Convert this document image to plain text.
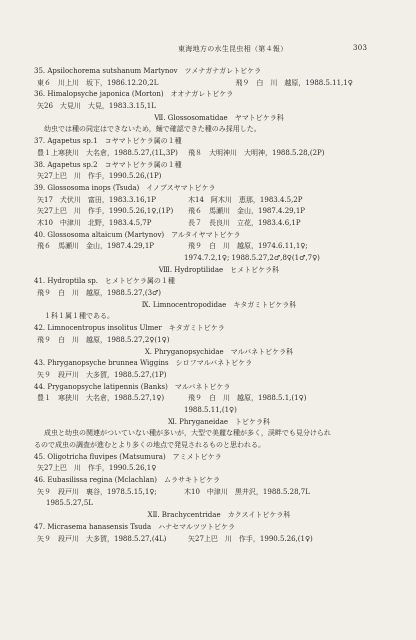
東海地方の水生昆虫相（第４報）	303
35. Apsilochorema sutshanum Martynov　ツメナガナガレトビケラ
東６　川上川　坂下，1986.12.20,2L　　　　　　　　　　　飛９　白　川　越原，1988.5.11,1♀
36. Himalopsyche japonica (Morton)　オオナガレトビケラ
矢26　大見川　大見，1983.3.15,1L
Ⅶ. Glossosomatidae　ヤマトビケラ科
幼虫では種の同定はできないため，蛹で確認できた種のみ採用した。
37. Agapetus sp.1　コヤマトビケラ属の１種
豊１上寒狭川　大名倉，1988.5.27,(1L,3P) 飛８　大明神川　大明神，1988.5.28,(2P)
38. Agapetus sp.2　コヤマトビケラ属の１種
矢27上巴　川　作手，1990.5.26,(1P)
39. Glossosoma inops (Tsuda)　イノブスヤマトビケラ
矢17　犬伏川　富田，1983.3.16,1P	木14　阿木川　恵那，1983.4.5,2P
矢27上巴　川　作手，1990.5.26,1♀,(1P) 飛６　馬瀬川　金山，1987.4.29,1P
木10　中津川　北野，1983.4.5,7P	長７　長良川　立花，1983.4.6,1P
40. Glossosoma altaicum (Martynov)　アルタイヤマトビケラ
飛６　馬瀬川　金山，1987.4.29,1P	飛９　白　川　越原，1974.6.11,1♀;
1974.7.2,1♀; 1988.5.27,2♂,8♀(1♂,7♀)
Ⅷ. Hydroptilidae　ヒメトビケラ科
41. Hydroptila sp.　ヒメトビケラ属の１種
飛９　白　川　越原，1988.5.27,(3♂)
Ⅸ. Limnocentropodidae　キタガミトビケラ科
１科１属１種である。
42. Limnocentropus insolitus Ulmer　キタガミトビケラ
飛９　白　川　越原，1988.5.27,2♀(1♀)
Ⅹ. Phryganopsychidae　マルバネトビケラ科
43. Phryganopsyche brunnea Wiggins　シロフマルバネトビケラ
矢９　段戸川　大多賀，1988.5.27,(1P)
44. Pryganopsyche latipennis (Banks)　マルバネトビケラ
豊１　寒狭川　大名倉，1988.5.27,1♀)	飛９　白　川　越原，1988.5.1,(1♀)
1988.5.11,(1♀)
Ⅺ. Phryganeidae　トビケラ科
成虫と幼虫の関連がついていない種が多いが，大型で美麗な種が多く，渓畔でも見分けられ
るので成虫の調査が進むとより多くの地点で発見されるものと思われる。
45. Oligotricha fluvipes (Matsumura)　アミメトビケラ
矢27上巴　川　作手，1990.5.26,1♀
46. Eubasilissa regina (Mclachlan)　ムラサキトビケラ
矢９　段戸川　裏谷，1978.5.15,1♀;	木10　中津川　黒井沢，1988.5.28,7L
1985.5.27,5L
ⅩⅡ. Brachycentridae　カクスイトビケラ科
47. Micrasema hanasensis Tsuda　ハナセマルツツトビケラ
矢９　段戸川　大多賀，1988.5.27,(4L)	矢27上巴　川　作手，1990.5.26,(1♀)
